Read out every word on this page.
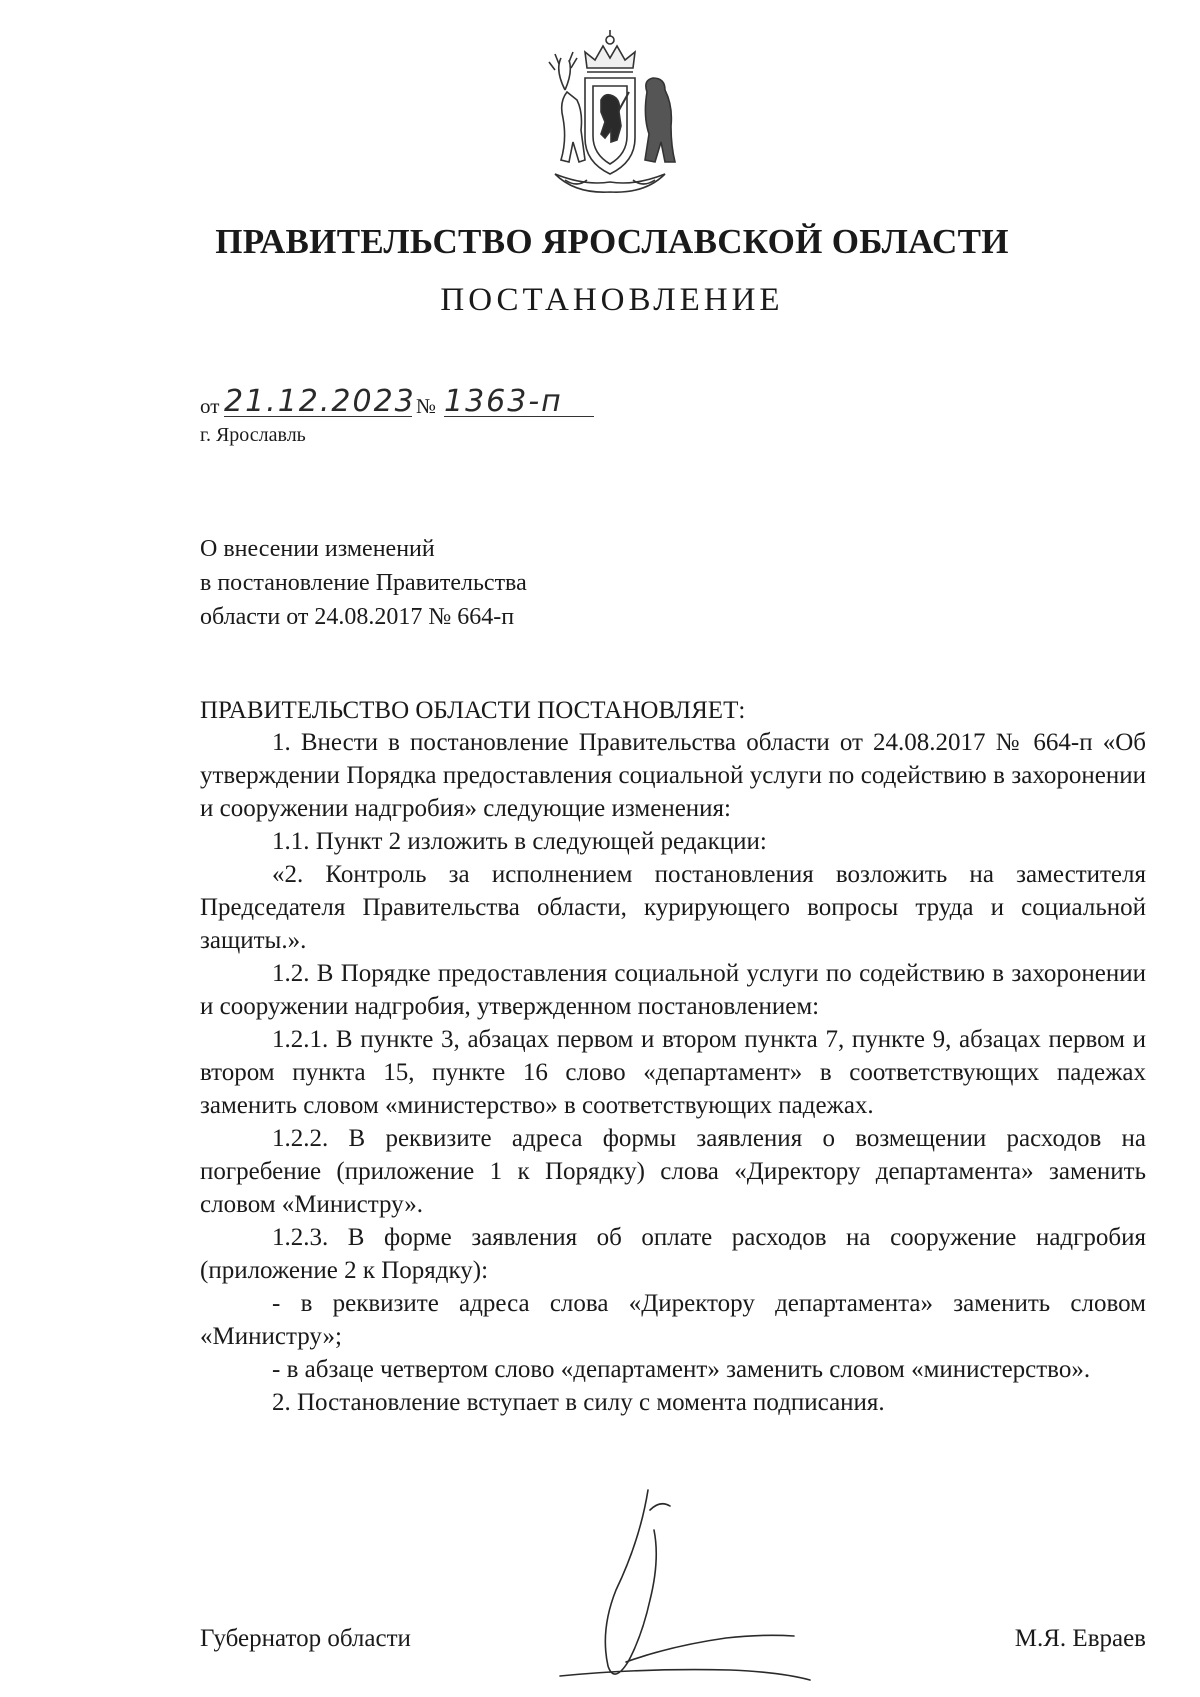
ПРАВИТЕЛЬСТВО ЯРОСЛАВСКОЙ ОБЛАСТИ
ПОСТАНОВЛЕНИЕ
от 21.12.2023 № 1363-п
г. Ярославль
О внесении изменений
в постановление Правительства
области от 24.08.2017 № 664-п
ПРАВИТЕЛЬСТВО ОБЛАСТИ ПОСТАНОВЛЯЕТ:

1. Внести в постановление Правительства области от 24.08.2017 № 664-п «Об утверждении Порядка предоставления социальной услуги по содействию в захоронении и сооружении надгробия» следующие изменения:

1.1. Пункт 2 изложить в следующей редакции:

«2. Контроль за исполнением постановления возложить на заместителя Председателя Правительства области, курирующего вопросы труда и социальной защиты.».

1.2. В Порядке предоставления социальной услуги по содействию в захоронении и сооружении надгробия, утвержденном постановлением:

1.2.1. В пункте 3, абзацах первом и втором пункта 7, пункте 9, абзацах первом и втором пункта 15, пункте 16 слово «департамент» в соответствующих падежах заменить словом «министерство» в соответствующих падежах.

1.2.2. В реквизите адреса формы заявления о возмещении расходов на погребение (приложение 1 к Порядку) слова «Директору департамента» заменить словом «Министру».

1.2.3. В форме заявления об оплате расходов на сооружение надгробия (приложение 2 к Порядку):

- в реквизите адреса слова «Директору департамента» заменить словом «Министру»;

- в абзаце четвертом слово «департамент» заменить словом «министерство».

2. Постановление вступает в силу с момента подписания.

Губернатор области	М.Я. Евраев
